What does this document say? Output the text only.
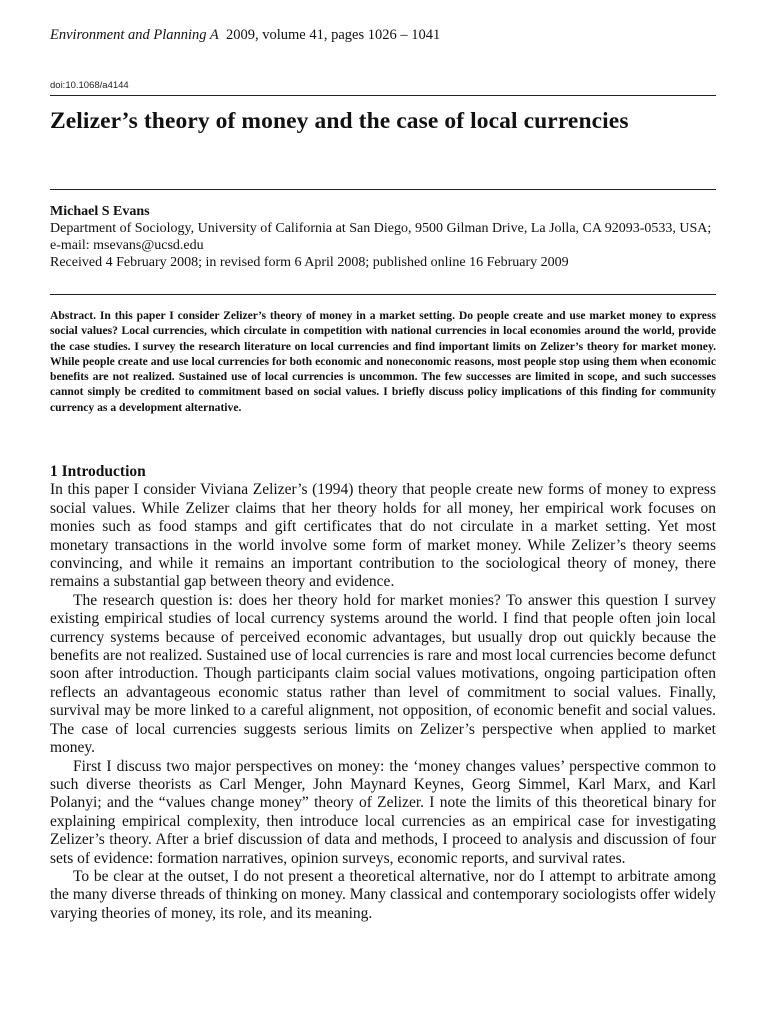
Environment and Planning A 2009, volume 41, pages 1026 – 1041
doi:10.1068/a4144
Zelizer’s theory of money and the case of local currencies
Michael S Evans
Department of Sociology, University of California at San Diego, 9500 Gilman Drive, La Jolla, CA 92093-0533, USA; e-mail: msevans@ucsd.edu
Received 4 February 2008; in revised form 6 April 2008; published online 16 February 2009
Abstract. In this paper I consider Zelizer’s theory of money in a market setting. Do people create and use market money to express social values? Local currencies, which circulate in competition with national currencies in local economies around the world, provide the case studies. I survey the research literature on local currencies and find important limits on Zelizer’s theory for market money. While people create and use local currencies for both economic and noneconomic reasons, most people stop using them when economic benefits are not realized. Sustained use of local currencies is uncommon. The few successes are limited in scope, and such successes cannot simply be credited to commitment based on social values. I briefly discuss policy implications of this finding for community currency as a development alternative.
1 Introduction

In this paper I consider Viviana Zelizer’s (1994) theory that people create new forms of money to express social values. While Zelizer claims that her theory holds for all money, her empirical work focuses on monies such as food stamps and gift certificates that do not circulate in a market setting. Yet most monetary transactions in the world involve some form of market money. While Zelizer’s theory seems convincing, and while it remains an important contribution to the sociological theory of money, there remains a substantial gap between theory and evidence.

The research question is: does her theory hold for market monies? To answer this question I survey existing empirical studies of local currency systems around the world. I find that people often join local currency systems because of perceived economic advantages, but usually drop out quickly because the benefits are not realized. Sustained use of local currencies is rare and most local currencies become defunct soon after introduction. Though participants claim social values motivations, ongoing participation often reflects an advantageous economic status rather than level of commitment to social values. Finally, survival may be more linked to a careful alignment, not opposition, of economic benefit and social values. The case of local currencies suggests serious limits on Zelizer’s perspective when applied to market money.

First I discuss two major perspectives on money: the ‘money changes values’ perspective common to such diverse theorists as Carl Menger, John Maynard Keynes, Georg Simmel, Karl Marx, and Karl Polanyi; and the “values change money” theory of Zelizer. I note the limits of this theoretical binary for explaining empirical complexity, then introduce local currencies as an empirical case for investigating Zelizer’s theory. After a brief discussion of data and methods, I proceed to analysis and discussion of four sets of evidence: formation narratives, opinion surveys, economic reports, and survival rates.

To be clear at the outset, I do not present a theoretical alternative, nor do I attempt to arbitrate among the many diverse threads of thinking on money. Many classical and contemporary sociologists offer widely varying theories of money, its role, and its meaning.
